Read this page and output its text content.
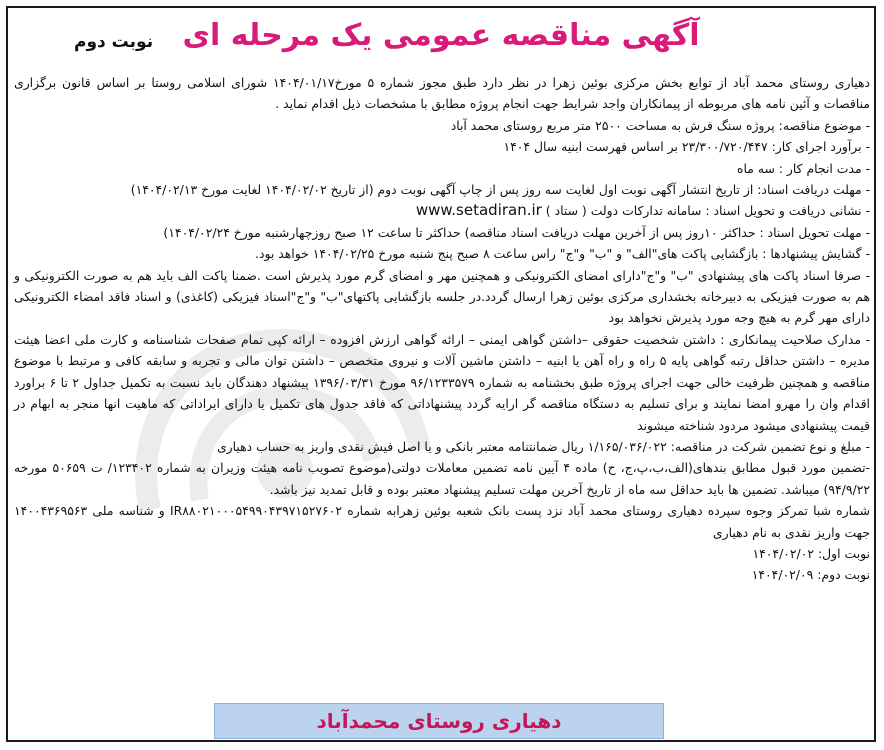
آگهی مناقصه عمومی یک مرحله ای
نوبت دوم

دهیاری روستای محمد آباد از توابع بخش مرکزی بوئین زهرا در نظر دارد طبق مجوز شماره ۵ مورخ۱۴۰۴/۰۱/۱۷ شورای اسلامی روستا بر اساس قانون برگزاری مناقصات و آئین نامه های مربوطه از پیمانکاران واجد شرایط جهت انجام پروژه مطابق با مشخصات ذیل اقدام نماید .

- موضوع مناقصه: پروژه سنگ فرش به مساحت ۲۵۰۰ متر مربع روستای محمد آباد

- برآورد اجرای کار: ۲۳/۳۰۰/۷۲۰/۴۴۷ بر اساس فهرست ابنیه سال ۱۴۰۴

- مدت انجام کار : سه ماه

- مهلت دریافت اسناد: از تاریخ انتشار آگهی نوبت اول لغایت سه روز پس از چاپ آگهی نوبت دوم (از تاریخ ۱۴۰۴/۰۲/۰۲ لغایت مورخ ۱۴۰۴/۰۲/۱۳)

- نشانی دریافت و تحویل اسناد : سامانه تدارکات دولت ( ستاد ) www.setadiran.ir

- مهلت تحویل اسناد : حداکثر ۱۰روز پس از آخرین مهلت دریافت اسناد مناقصه) حداکثر تا ساعت ۱۲ صبح روزچهارشنبه مورخ ۱۴۰۴/۰۲/۲۴)

- گشایش پیشنهادها : بازگشایی پاکت های"الف" و "ب" و"ج" راس ساعت ۸ صبح پنج شنبه مورخ ۱۴۰۴/۰۲/۲۵ خواهد بود.

- صرفا اسناد پاکت های پیشنهادی "ب" و"ج"دارای امضای الکترونیکی و همچنین مهر و امضای گرم مورد پذیرش است .ضمنا پاکت الف باید هم به صورت الکترونیکی و هم به صورت فیزیکی به دبیرخانه بخشداری مرکزی بوئین زهرا ارسال گردد.در جلسه بازگشایی پاکتهای"ب" و"ج"اسناد فیزیکی (کاغذی) و اسناد فاقد امضاء الکترونیکی دارای مهر گرم به هیچ وجه مورد پذیرش نخواهد بود

- مدارک صلاحیت پیمانکاری : داشتن شخصیت حقوقی –داشتن گواهی ایمنی – ارائه گواهی ارزش افزوده – ارائه کپی تمام صفحات شناسنامه و کارت ملی اعضا هیئت مدیره – داشتن حداقل رتبه گواهی پایه ۵ راه و راه آهن یا ابنیه – داشتن ماشین آلات و نیروی متخصص – داشتن توان مالی و تجربه و سابقه کافی و مرتبط با موضوع مناقصه و همچنین ظرفیت خالی جهت اجرای پروژه طبق بخشنامه به شماره ۹۶/۱۲۳۳۵۷۹ مورخ ۱۳۹۶/۰۳/۳۱ پیشنهاد دهندگان باید نسبت به تکمیل جداول ۲ تا ۶ براورد اقدام وان را مهرو امضا نمایند و برای تسلیم به دستگاه مناقصه گر ارایه گردد پیشنهاداتی که فاقد جدول های تکمیل یا دارای ایراداتی که ماهیت انها منجر به ابهام در قیمت پیشنهادی میشود مردود شناخته میشوند

- مبلغ و نوع تضمین شرکت در مناقصه: ۱/۱۶۵/۰۳۶/۰۲۲ ریال ضمانتنامه معتبر بانکی و یا اصل فیش نقدی واریز به حساب دهیاری

-تضمین مورد قبول مطابق بندهای(الف،ب،پ،ج، ح) ماده ۴ آیین نامه تضمین معاملات دولتی(موضوع تصویب نامه هیئت وزیران به شماره ۱۲۳۴۰۲/ ت ۵۰۶۵۹ مورخه ۹۴/۹/۲۲) میباشد. تضمین ها باید حداقل سه ماه از تاریخ آخرین مهلت تسلیم پیشنهاد معتبر بوده و قابل تمدید نیز باشد.

شماره شبا تمرکز وجوه سپرده دهیاری روستای محمد آباد نزد پست بانک شعبه بوئین زهرابه شماره IR۸۸۰۲۱۰۰۰۵۴۹۹۰۴۳۹۷۱۵۲۷۶۰۲ و شناسه ملی ۱۴۰۰۴۳۶۹۵۶۳ جهت واریز نقدی به نام دهیاری

نوبت اول: ۱۴۰۴/۰۲/۰۲

نوبت دوم: ۱۴۰۴/۰۲/۰۹

دهیاری روستای محمدآباد
